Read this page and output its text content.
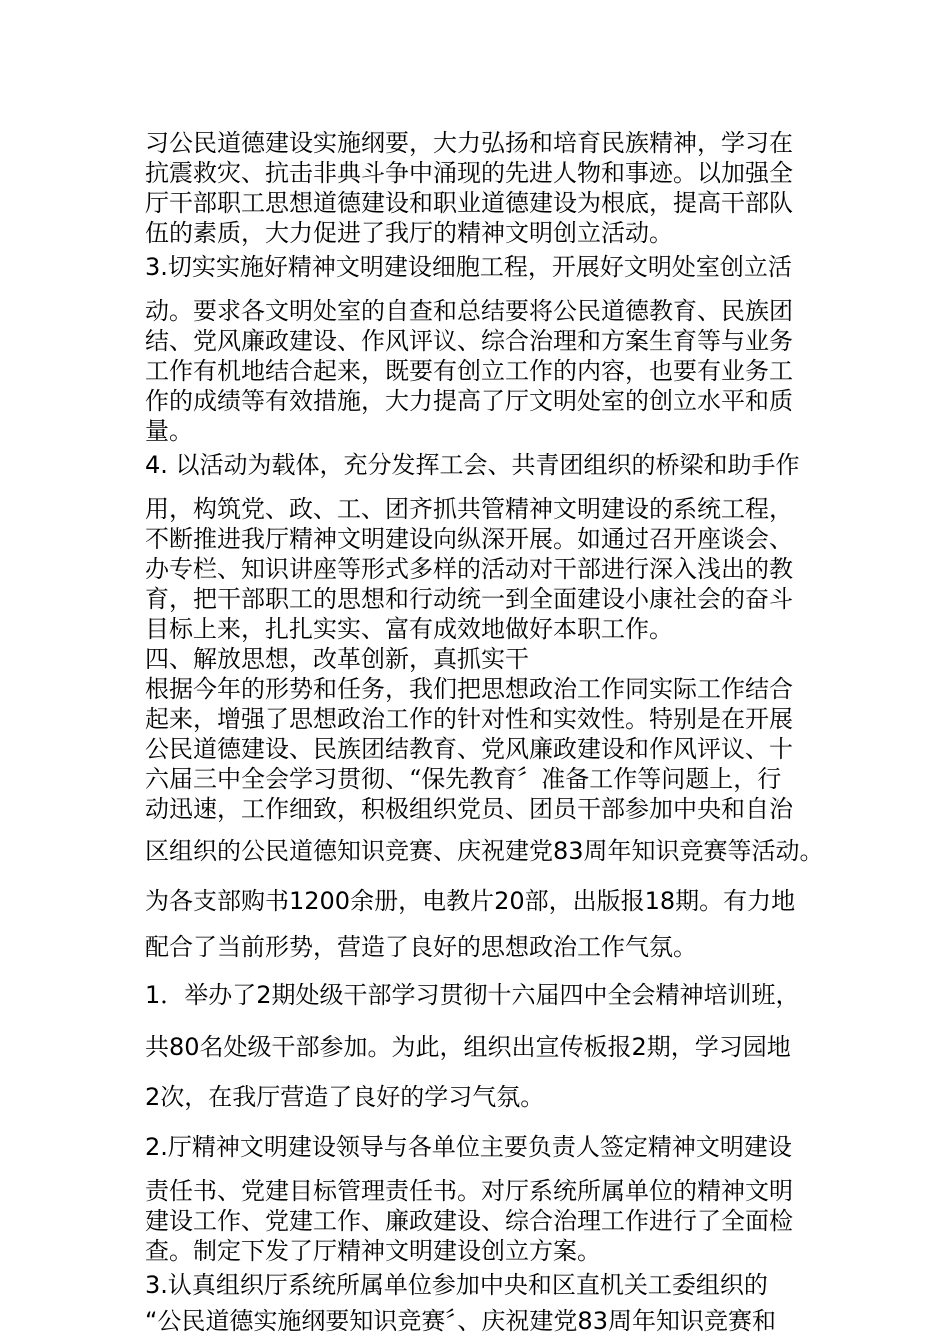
习公民道德建设实施纲要，大力弘扬和培育民族精神，学习在
抗震救灾、抗击非典斗争中涌现的先进人物和事迹。以加强全
厅干部职工思想道德建设和职业道德建设为根底，提高干部队
伍的素质，大力促进了我厅的精神文明创立活动。
3.切实实施好精神文明建设细胞工程，开展好文明处室创立活
动。要求各文明处室的自查和总结要将公民道德教育、民族团
结、党风廉政建设、作风评议、综合治理和方案生育等与业务
工作有机地结合起来，既要有创立工作的内容，也要有业务工
作的成绩等有效措施，大力提高了厅文明处室的创立水平和质
量。
4. 以活动为载体，充分发挥工会、共青团组织的桥梁和助手作
用，构筑党、政、工、团齐抓共管精神文明建设的系统工程，
不断推进我厅精神文明建设向纵深开展。如通过召开座谈会、
办专栏、知识讲座等形式多样的活动对干部进行深入浅出的教
育，把干部职工的思想和行动统一到全面建设小康社会的奋斗
目标上来，扎扎实实、富有成效地做好本职工作。
四、解放思想，改革创新，真抓实干
根据今年的形势和任务，我们把思想政治工作同实际工作结合
起来，增强了思想政治工作的针对性和实效性。特别是在开展
公民道德建设、民族团结教育、党风廉政建设和作风评议、十
六届三中全会学习贯彻、“保先教育〞准备工作等问题上，行
动迅速，工作细致，积极组织党员、团员干部参加中央和自治
区组织的公民道德知识竞赛、庆祝建党83周年知识竞赛等活动。
为各支部购书1200余册，电教片20部，出版报18期。有力地
配合了当前形势，营造了良好的思想政治工作气氛。
1．举办了2期处级干部学习贯彻十六届四中全会精神培训班，
共80名处级干部参加。为此，组织出宣传板报2期，学习园地
2次，在我厅营造了良好的学习气氛。
2.厅精神文明建设领导与各单位主要负责人签定精神文明建设
责任书、党建目标管理责任书。对厅系统所属单位的精神文明
建设工作、党建工作、廉政建设、综合治理工作进行了全面检
查。制定下发了厅精神文明建设创立方案。
3.认真组织厅系统所属单位参加中央和区直机关工委组织的
“公民道德实施纲要知识竞赛〞、庆祝建党83周年知识竞赛和
